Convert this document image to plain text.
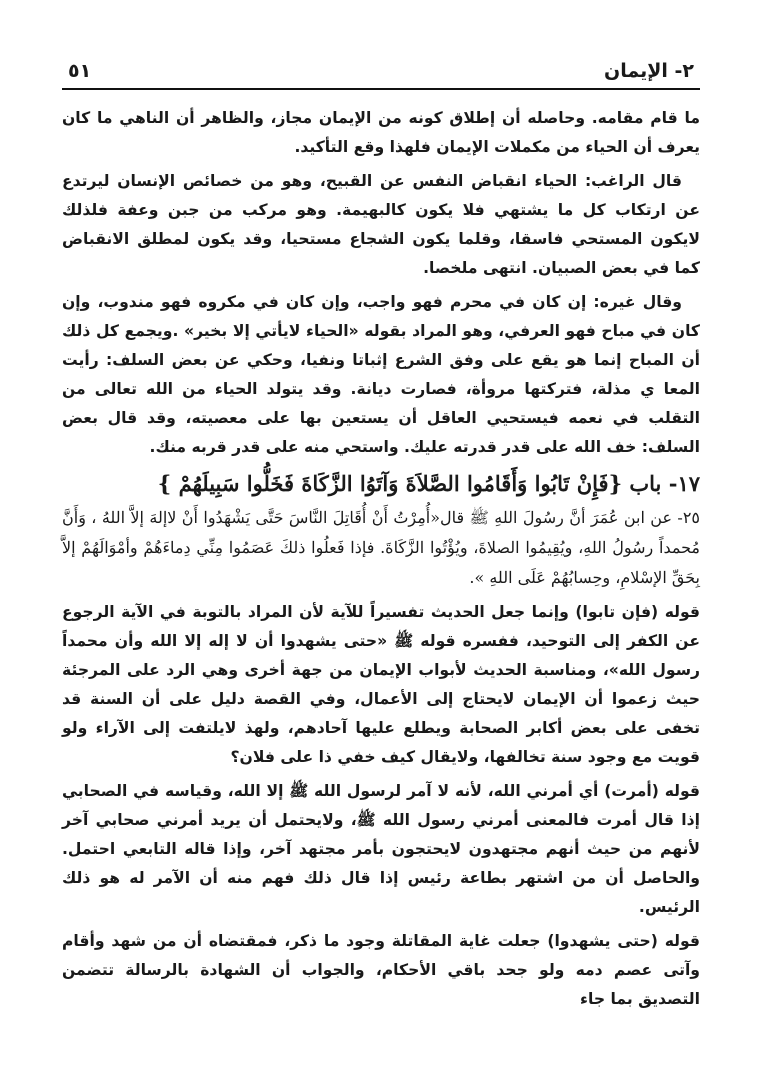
٢- الإيمان
٥١

ما قام مقامه. وحاصله أن إطلاق كونه من الإيمان مجاز، والظاهر أن الناهي ما كان يعرف أن الحياء من مكملات الإيمان فلهذا وقع التأكيد.

قال الراغب: الحياء انقباض النفس عن القبيح، وهو من خصائص الإنسان ليرتدع عن ارتكاب كل ما يشتهي فلا يكون كالبهيمة. وهو مركب من جبن وعفة فلذلك لايكون المستحي فاسقا، وقلما يكون الشجاع مستحيا، وقد يكون لمطلق الانقباض كما في بعض الصبيان. انتهى ملخصا.

وقال غيره: إن كان في محرم فهو واجب، وإن كان في مكروه فهو مندوب، وإن كان في مباح فهو العرفي، وهو المراد بقوله «الحياء لايأتي إلا بخير» .ويجمع كل ذلك أن المباح إنما هو يقع على وفق الشرع إثباتا ونفيا، وحكي عن بعض السلف: رأيت المعا ي مذلة، فتركتها مروأة، فصارت ديانة. وقد يتولد الحياء من الله تعالى من التقلب في نعمه فيستحيي العاقل أن يستعين بها على معصيته، وقد قال بعض السلف: خف الله على قدر قدرته عليك. واستحي منه على قدر قربه منك.

١٧- باب {فَإِنْ تَابُوا وَأَقَامُوا الصَّلاَةَ وَآتَوُا الزَّكَاةَ فَخَلُّوا سَبِيلَهُمْ }

٢٥- عن ابن عُمَرَ أنَّ رسُولَ اللهِ ﷺ قال«أُمِرْتُ أَنْ أُقَاتِلَ النَّاسَ حَتَّى يَشْهَدُوا أَنْ لاإلهَ إلاَّ اللهُ ، وَأَنَّ مُحمداً رسُولُ اللهِ، ويُقِيمُوا الصلاةَ، ويُؤْتُوا الزَّكَاةَ. فإذا فَعلُوا ذلكَ عَصَمُوا مِنِّي دِماءَهُمْ وأمْوَالَهُمْ إلاَّ بِحَقِّ الإسْلامِ، وحِسابُهُمْ عَلَى اللهِ ».

قوله (فإن تابوا) وإنما جعل الحديث تفسيراً للآية لأن المراد بالتوبة في الآية الرجوع عن الكفر إلى التوحيد، ففسره قوله ﷺ «حتى يشهدوا أن لا إله إلا الله وأن محمداً رسول الله»، ومناسبة الحديث لأبواب الإيمان من جهة أخرى وهي الرد على المرجئة حيث زعموا أن الإيمان لايحتاج إلى الأعمال، وفي القصة دليل على أن السنة قد تخفى على بعض أكابر الصحابة ويطلع عليها آحادهم، ولهذ لايلتفت إلى الآراء ولو قويت مع وجود سنة تخالفها، ولايقال كيف خفي ذا على فلان؟

قوله (أمرت) أي أمرني الله، لأنه لا آمر لرسول الله ﷺ إلا الله، وقياسه في الصحابي إذا قال أمرت فالمعنى أمرني رسول الله ﷺ، ولايحتمل أن يريد أمرني صحابي آخر لأنهم من حيث أنهم مجتهدون لايحتجون بأمر مجتهد آخر، وإذا قاله التابعي احتمل. والحاصل أن من اشتهر بطاعة رئيس إذا قال ذلك فهم منه أن الآمر له هو ذلك الرئيس.

قوله (حتى يشهدوا) جعلت غاية المقاتلة وجود ما ذكر، فمقتضاه أن من شهد وأقام وآتى عصم دمه ولو جحد باقي الأحكام، والجواب أن الشهادة بالرسالة تتضمن التصديق بما جاء
